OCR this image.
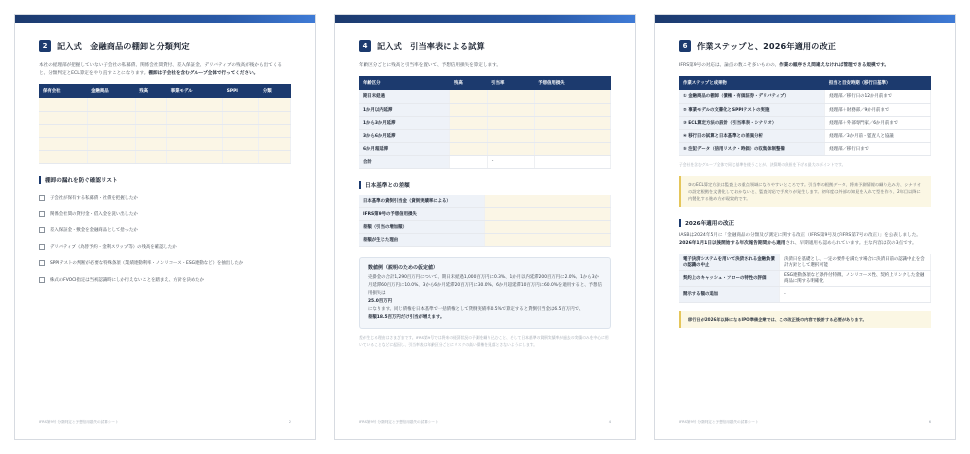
2	記入式　金融商品の棚卸と分類判定

本社の経理部が把握していない子会社の私募債、関係会社間貸付、差入保証金、デリバティブの残高が後から出てくると、分類判定とECL算定をやり直すことになります。棚卸は子会社を含むグループ全体で行ってください。

保有会社	金融商品	残高	事業モデル	SPPI	分類

棚卸の漏れを防ぐ確認リスト
子会社が保有する私募債・社債を把握したか
関係会社間の貸付金・借入金を洗い出したか
差入保証金・敷金を金融商品として拾ったか
デリバティブ（為替予約・金利スワップ等）の残高を確認したか
SPPIテストの判断が必要な特殊条項（業績連動利率・ノンリコース・ESG連動など）を抽出したか
株式のFVOCI指定は当初認識時にしか行えないことを踏まえ、方針を決めたか
IFRS第9号 分類判定と予想信用損失の試算シート	2
4	記入式　引当率表による試算

年齢区分ごとに残高と引当率を置いて、予想信用損失を算定します。

年齢区分	残高	引当率	予想信用損失
期日未経過			
1か月以内延滞			
1から3か月延滞			
3から6か月延滞			
6か月超延滞			
合計		-	
日本基準との差額
日本基準の貸倒引当金（貸倒実績率による）	
IFRS第9号の予想信用損失	
差額（引当の増加額）	
差額が生じた理由	
数値例（説明のための仮定値）
売掛金の合計1,290百万円について、期日未経過1,000百万円に0.3%、1か月以内延滞200百万円に2.0%、1から3か月延滞60百万円に10.0%、3から6か月延滞20百万円に30.0%、6か月超延滞10百万円に60.0%を適用すると、予想信用損失は
25.0百万円
になります。同じ債権を日本基準で一括債権として貸倒実績率0.5%で算定すると貸倒引当金は6.5百万円で、
差額18.5百万円だけ引当が増えます。

差が生じる理由はさまざまです。IFRS第9号では将来の経済状況の予測を織り込むこと、そして日本基準の貸倒実績率が過去の実績のみを中心に用いていることなどに起因し、引当率表は年齢区分ごとにリスクの高い債権を見落とさないようにします。

IFRS第9号 分類判定と予想信用損失の試算シート	4
6	作業ステップと、2026年適用の改正

IFRS第9号の対応は、論点の数こそ多いものの、作業の順序さえ間違えなければ管理できる規模です。

作業ステップと成果物	担当と目安時期（移行日基準）
① 金融商品の棚卸（債権・有価証券・デリバティブ）	経理部／移行日の12か月前まで
② 事業モデルの文書化とSPPIテストの実施	経理部＋財務部／9か月前まで
③ ECL算定方法の設計（引当率表・シナリオ）	経理部＋外部専門家／6か月前まで
④ 移行日の試算と日本基準との差異分析	経理部／3か月前・監査人と協議
⑤ 注記データ（信用リスク・時価）の収集体制整備	経理部／移行日まで

子会社を含むグループ全体で同じ基準を使うことが、決算期の負担を下げる最大のポイントです。

③のECL算定方法は監査上の重点領域になりやすいところです。引当率の根拠データ、将来予測情報の織り込み方、シナリオの設定根拠を文書化しておかないと、監査対応で手戻りが発生します。初年度は外部の知見を入れて型を作り、2年目以降に内製化する進め方が現実的です。
2026年適用の改正

IASBは2024年5月に「金融商品の分類及び測定に関する改正（IFRS第9号及びIFRS第7号の改正）」を公表しました。2026年1月1日以後開始する年次報告期間から適用され、早期適用も認められています。主な内容は次の3点です。

電子決済システムを用いて決済される金融負債の認識の中止	決済日を基礎とし、一定の要件を満たす場合に決済日前の認識中止を会計方針として選択可能
契約上のキャッシュ・フローの特性の評価	ESG連動条項など条件付特徴、ノンリコース性、契約上リンクした金融商品に関する明確化
開示する額の追加	-
移行日が2026年以降になるIPO準備企業では、この改正後の内容で設計する必要があります。
IFRS第9号 分類判定と予想信用損失の試算シート	6
